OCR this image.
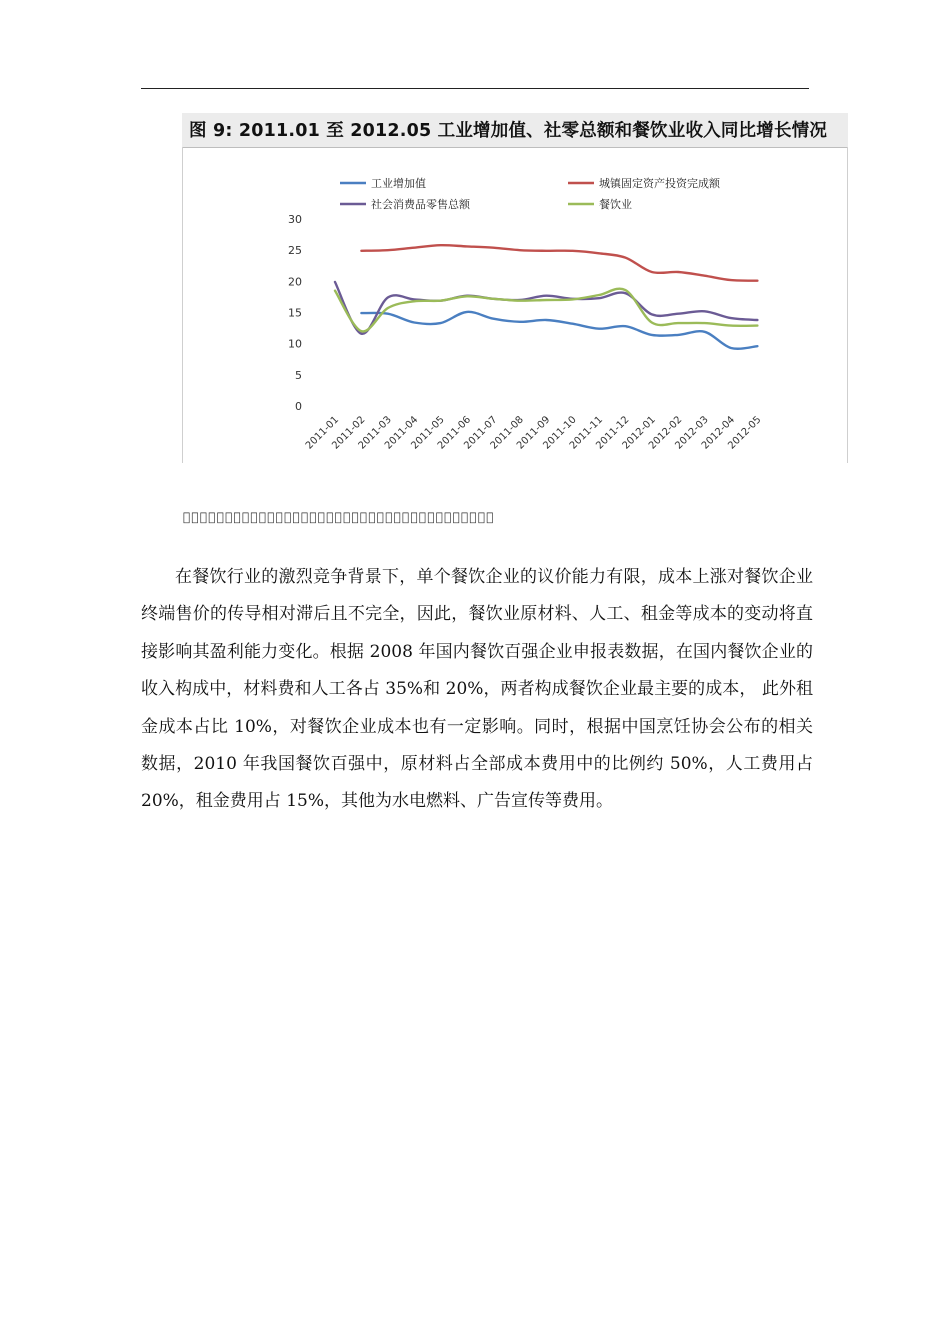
图 9: 2011.01 至 2012.05 工业增加值、社零总额和餐饮业收入同比增长情况
0
5
10
15
20
25
30
2011-01
2011-02
2011-03
2011-04
2011-05
2011-06
2011-07
2011-08
2011-09
2011-10
2011-11
2011-12
2012-01
2012-02
2012-03
2012-04
2012-05
工业增加值	城镇固定资产投资完成额
社会消费品零售总额	餐饮业
􀀀􀀀􀀀􀀀􀀀􀀀􀀀􀀀􀀀􀀀􀀀􀀀􀀀􀀀􀀀􀀀􀀀􀀀􀀀􀀀􀀀􀀀􀀀􀀀􀀀􀀀􀀀􀀀􀀀􀀀􀀀􀀀􀀀􀀀􀀀􀀀􀀀

在餐饮行业的激烈竞争背景下，单个餐饮企业的议价能力有限，成本上涨对餐饮企业终端售价的传导相对滞后且不完全，因此，餐饮业原材料、人工、租金等成本的变动将直接影响其盈利能力变化。根据 2008 年国内餐饮百强企业申报表数据，在国内餐饮企业的收入构成中，材料费和人工各占 35%和 20%，两者构成餐饮企业最主要的成本， 此外租金成本占比 10%，对餐饮企业成本也有一定影响。同时，根据中国烹饪协会公布的相关数据，2010 年我国餐饮百强中，原材料占全部成本费用中的比例约 50%，人工费用占 20%，租金费用占 15%，其他为水电燃料、广告宣传等费用。
